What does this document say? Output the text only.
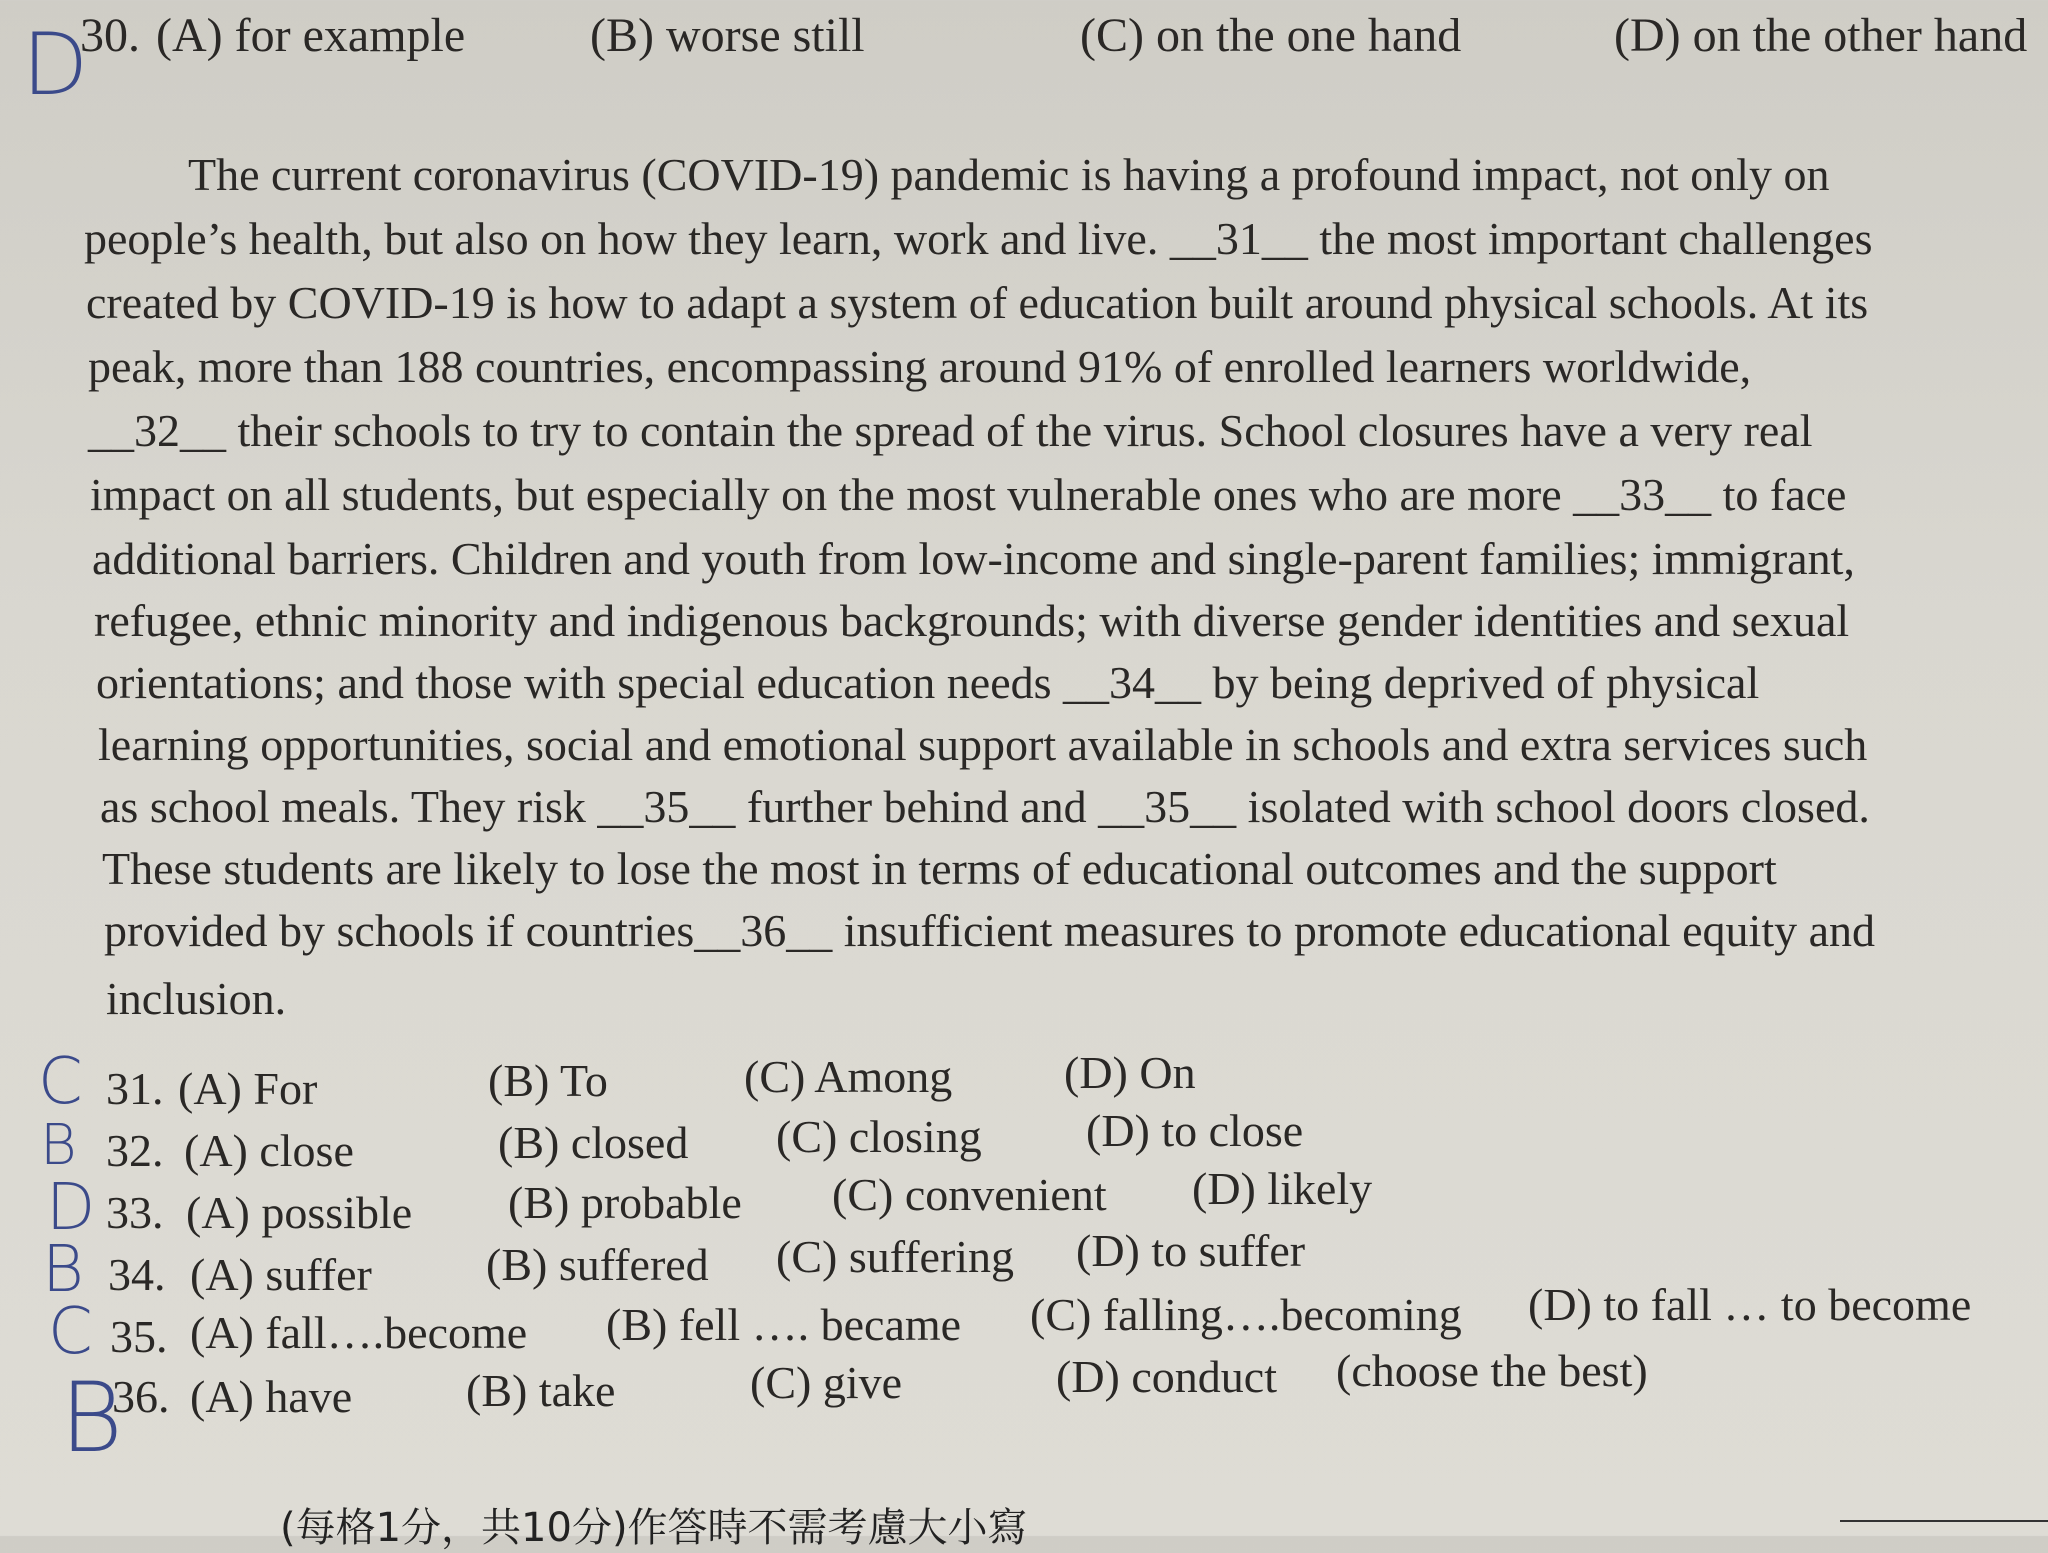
D
30. (A) for example	(B) worse still	(C) on the one hand	(D) on the other hand
The current coronavirus (COVID-19) pandemic is having a profound impact, not only on
people’s health, but also on how they learn, work and live. __31__ the most important challenges
created by COVID-19 is how to adapt a system of education built around physical schools. At its
peak, more than 188 countries, encompassing around 91% of enrolled learners worldwide,
__32__ their schools to try to contain the spread of the virus. School closures have a very real
impact on all students, but especially on the most vulnerable ones who are more __33__ to face
additional barriers. Children and youth from low-income and single-parent families; immigrant,
refugee, ethnic minority and indigenous backgrounds; with diverse gender identities and sexual
orientations; and those with special education needs __34__ by being deprived of physical
learning opportunities, social and emotional support available in schools and extra services such
as school meals. They risk __35__ further behind and __35__ isolated with school doors closed.
These students are likely to lose the most in terms of educational outcomes and the support
provided by schools if countries__36__ insufficient measures to promote educational equity and
inclusion.
C 31. (A) For	(B) To	(C) Among (D) On
B 32. (A) close	(B) closed (C) closing (D) to close
D 33. (A) possible (B) probable (C) convenient (D) likely
B 34. (A) suffer (B) suffered (C) suffering (D) to suffer
C 35. (A) fall….become (B) fell …. became (C) falling….becoming (D) to fall … to become
B
36. (A) have (B) take	(C) give	(D) conduct (choose the best)
(每格1分，共10分)作答時不需考慮大小寫
